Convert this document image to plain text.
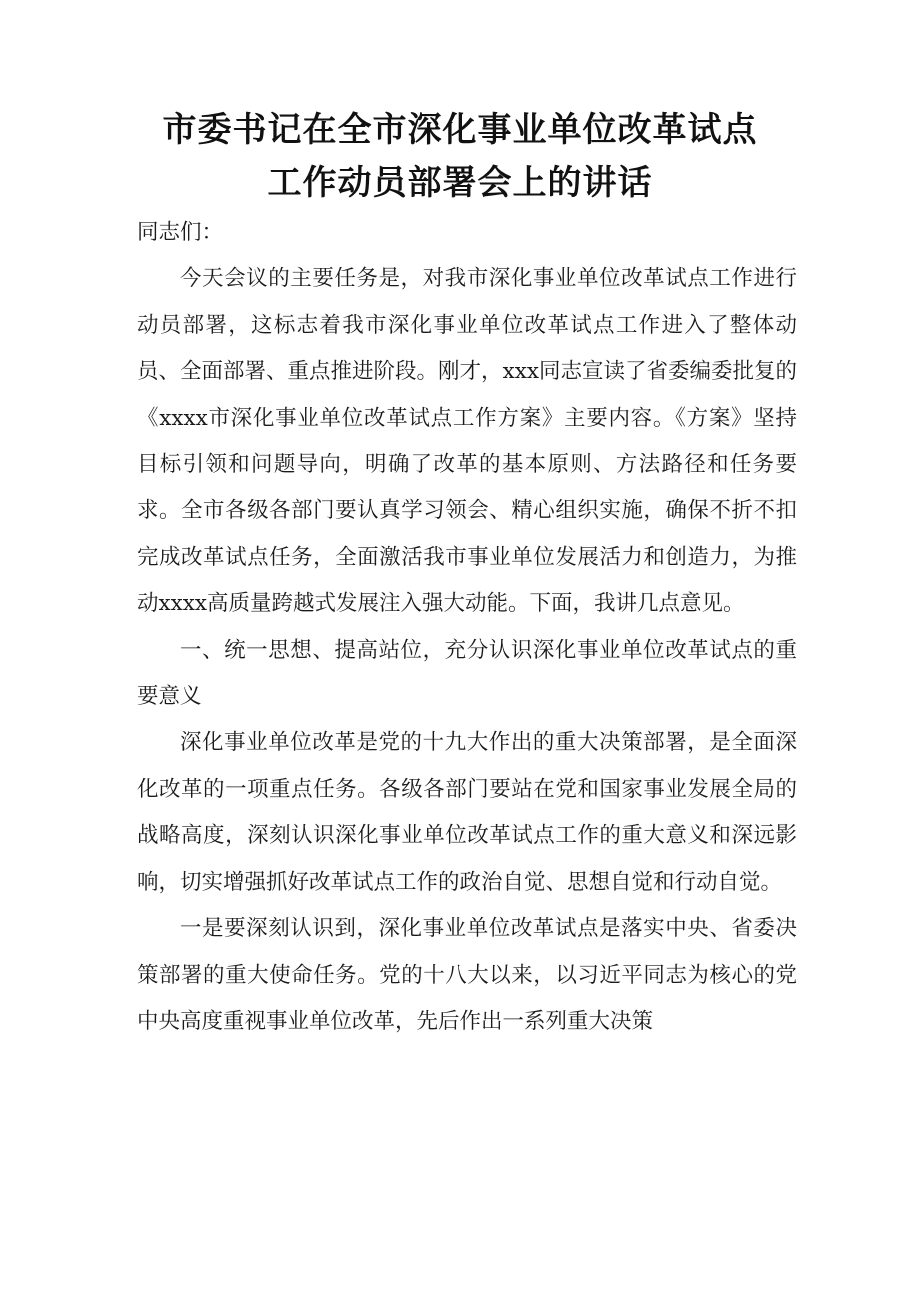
市委书记在全市深化事业单位改革试点
工作动员部署会上的讲话

同志们：

今天会议的主要任务是，对我市深化事业单位改革试点工作进行动员部署，这标志着我市深化事业单位改革试点工作进入了整体动员、全面部署、重点推进阶段。刚才，xxx同志宣读了省委编委批复的《xxxx市深化事业单位改革试点工作方案》主要内容。《方案》坚持目标引领和问题导向，明确了改革的基本原则、方法路径和任务要求。全市各级各部门要认真学习领会、精心组织实施，确保不折不扣完成改革试点任务，全面激活我市事业单位发展活力和创造力，为推动xxxx高质量跨越式发展注入强大动能。下面，我讲几点意见。

一、统一思想、提高站位，充分认识深化事业单位改革试点的重要意义

深化事业单位改革是党的十九大作出的重大决策部署，是全面深化改革的一项重点任务。各级各部门要站在党和国家事业发展全局的战略高度，深刻认识深化事业单位改革试点工作的重大意义和深远影响，切实增强抓好改革试点工作的政治自觉、思想自觉和行动自觉。

一是要深刻认识到，深化事业单位改革试点是落实中央、省委决策部署的重大使命任务。党的十八大以来，以习近平同志为核心的党中央高度重视事业单位改革，先后作出一系列重大决策
